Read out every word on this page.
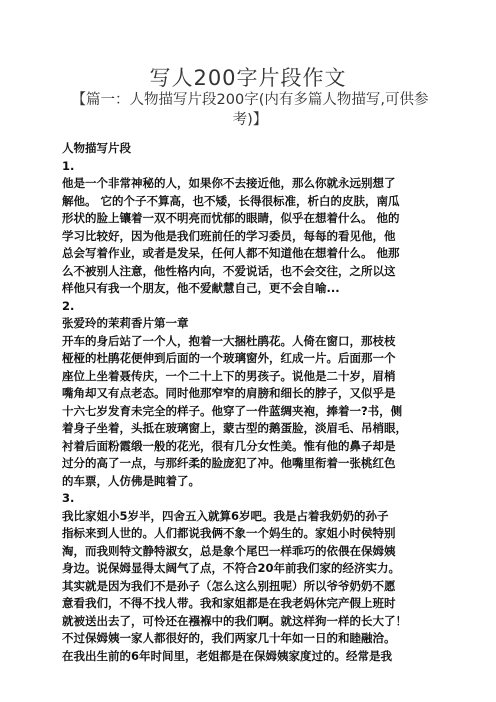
写人200字片段作文

【篇一：人物描写片段200字(内有多篇人物描写,可供参考)】

人物描写片段
1.
他是一个非常神秘的人，如果你不去接近他，那么你就永远别想了
解他。 它的个子不算高，也不矮，长得很标准，析白的皮肤，南瓜
形状的脸上镶着一双不明亮而忧郁的眼睛，似乎在想着什么。 他的
学习比较好，因为他是我们班前任的学习委员，每每的看见他，他
总会写着作业，或者是发呆，任何人都不知道他在想着什么。 他那
么不被别人注意，他性格内向，不爱说话，也不会交往，之所以这
样他只有我一个朋友，他不爱献慧自己，更不会自喻...
2.
张爱玲的茉莉香片第一章
开车的身后站了一个人，抱着一大捆杜鹃花。人倚在窗口，那枝枝
桠桠的杜鹃花便伸到后面的一个玻璃窗外，红成一片。后面那一个
座位上坐着聂传庆，一个二十上下的男孩子。说他是二十岁，眉梢
嘴角却又有点老态。同时他那窄窄的肩膀和细长的脖子，又似乎是
十六七岁发育未完全的样子。他穿了一件蓝绸夹袍，捧着一?书，侧
着身子坐着，头抵在玻璃窗上，蒙古型的鹅蛋脸，淡眉毛、吊梢眼，
衬着后面粉霞缎一般的花光，很有几分女性美。惟有他的鼻子却是
过分的高了一点，与那纤柔的脸庞犯了冲。他嘴里衔着一张桃红色
的车票，人仿佛是盹着了。
3.
我比家姐小5岁半，四舍五入就算6岁吧。我是占着我奶奶的孙子
指标来到人世的。人们都说我俩不象一个妈生的。家姐小时侯特别
淘，而我则特文静特淑女，总是象个尾巴一样乖巧的依偎在保姆姨
身边。说保姆显得太阔气了点，不符合20年前我们家的经济实力。
其实就是因为我们不是孙子（怎么这么别扭呢）所以爷爷奶奶不愿
意看我们，不得不找人带。我和家姐都是在我老妈休完产假上班时
就被送出去了，可怜还在襁褓中的我们啊。就这样狗一样的长大了！
不过保姆姨一家人都很好的，我们两家几十年如一日的和睦融洽。
在我出生前的6年时间里，老姐都是在保姆姨家度过的。经常是我
